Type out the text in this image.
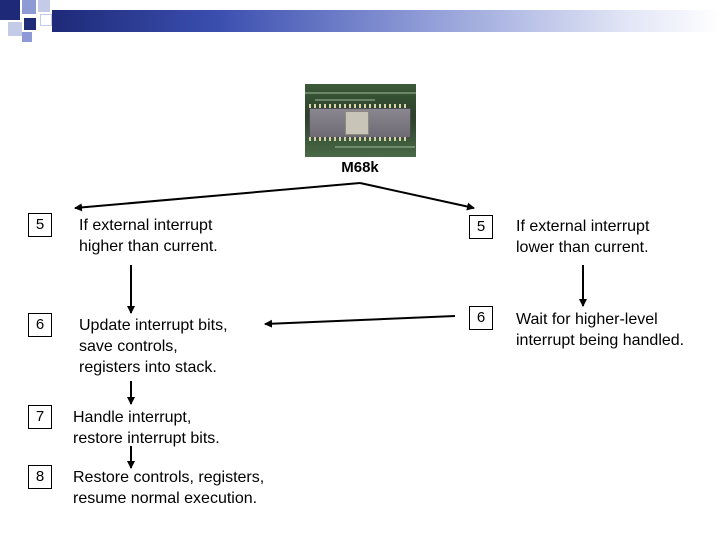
M68k
5	If external interrupt
higher than current.
6	Update interrupt bits,
save controls,
registers into stack.
7	Handle interrupt,
restore interrupt bits.
8	Restore controls, registers,
resume normal execution.
5	If external interrupt
lower than current.
6	Wait for higher-level
interrupt being handled.
